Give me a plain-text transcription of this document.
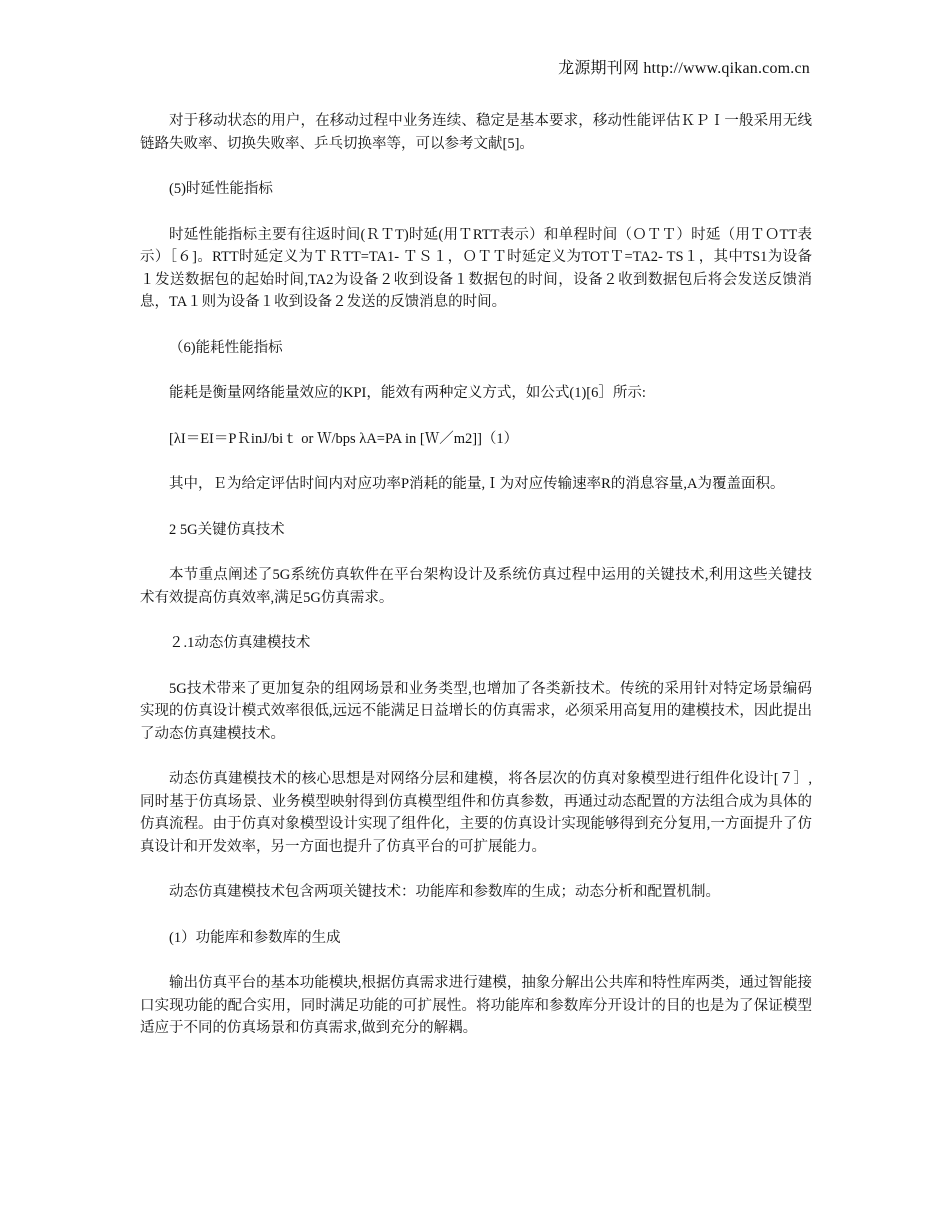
龙源期刊网 http://www.qikan.com.cn

对于移动状态的用户，在移动过程中业务连续、稳定是基本要求，移动性能评估ＫＰＩ一般采用无线链路失败率、切换失败率、乒乓切换率等，可以参考文献[5]。

(5)时延性能指标

时延性能指标主要有往返时间(ＲＴT)时延(用ＴRTT表示）和单程时间（ＯＴＴ）时延（用ＴＯTT表示）［６]。RTT时延定义为ＴＲTT=TA1- ＴＳ１，ＯＴＴ时延定义为TOTＴ=TA2- TS１，其中TS1为设备１发送数据包的起始时间,TA2为设备２收到设备１数据包的时间，设备２收到数据包后将会发送反馈消息，TA１则为设备１收到设备２发送的反馈消息的时间。

（6)能耗性能指标

能耗是衡量网络能量效应的KPI，能效有两种定义方式，如公式(1)[6］所示:

[λI＝EI＝PＲinJ/biｔ or Ｗ/bps λA=PA in [Ｗ／m2]]（1）

其中，Ｅ为给定评估时间内对应功率P消耗的能量,Ｉ为对应传输速率R的消息容量,A为覆盖面积。

2 5G关键仿真技术

本节重点阐述了5G系统仿真软件在平台架构设计及系统仿真过程中运用的关键技术,利用这些关键技术有效提高仿真效率,满足5G仿真需求。

２.1动态仿真建模技术

5G技术带来了更加复杂的组网场景和业务类型,也增加了各类新技术。传统的采用针对特定场景编码实现的仿真设计模式效率很低,远远不能满足日益增长的仿真需求，必须采用高复用的建模技术，因此提出了动态仿真建模技术。

动态仿真建模技术的核心思想是对网络分层和建模，将各层次的仿真对象模型进行组件化设计[７］,同时基于仿真场景、业务模型映射得到仿真模型组件和仿真参数，再通过动态配置的方法组合成为具体的仿真流程。由于仿真对象模型设计实现了组件化，主要的仿真设计实现能够得到充分复用,一方面提升了仿真设计和开发效率，另一方面也提升了仿真平台的可扩展能力。

动态仿真建模技术包含两项关键技术：功能库和参数库的生成；动态分析和配置机制。

(1）功能库和参数库的生成

输出仿真平台的基本功能模块,根据仿真需求进行建模，抽象分解出公共库和特性库两类，通过智能接口实现功能的配合实用，同时满足功能的可扩展性。将功能库和参数库分开设计的目的也是为了保证模型适应于不同的仿真场景和仿真需求,做到充分的解耦。
